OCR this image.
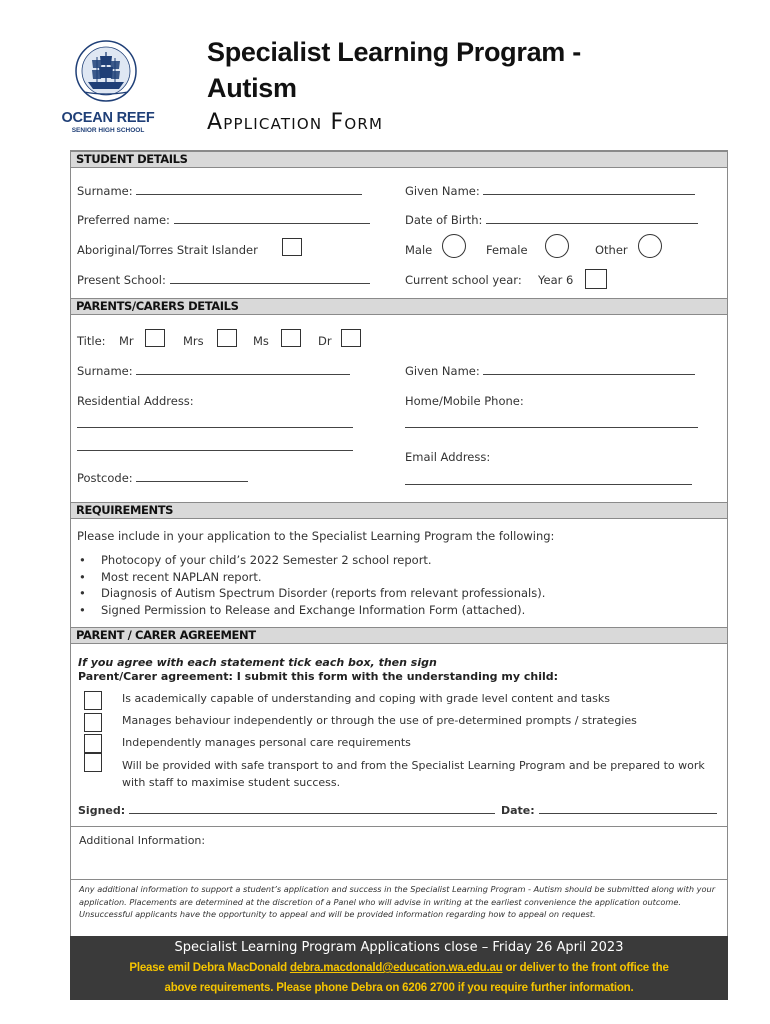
OCEAN REEF
SENIOR HIGH SCHOOL
Specialist Learning Program -
Autism
Application Form
STUDENT DETAILS
Surname:	Given Name:
Preferred name:	Date of Birth:
Aboriginal/Torres Strait Islander	Male	Female	Other
Present School:	Current school year: Year 6
PARENTS/CARERS DETAILS
Title: Mr	Mrs	Ms	Dr
Surname:	Given Name:
Residential Address:	Home/Mobile Phone:
Email Address:
Postcode:
REQUIREMENTS
Please include in your application to the Specialist Learning Program the following:
• Photocopy of your child’s 2022 Semester 2 school report.
• Most recent NAPLAN report.
• Diagnosis of Autism Spectrum Disorder (reports from relevant professionals).
• Signed Permission to Release and Exchange Information Form (attached).
PARENT / CARER AGREEMENT
If you agree with each statement tick each box, then sign
Parent/Carer agreement: I submit this form with the understanding my child:
Is academically capable of understanding and coping with grade level content and tasks
Manages behaviour independently or through the use of pre-determined prompts / strategies
Independently manages personal care requirements
Will be provided with safe transport to and from the Specialist Learning Program and be prepared to work with staff to maximise student success.
Signed:	Date:
Additional Information:
Any additional information to support a student’s application and success in the Specialist Learning Program - Autism should be submitted along with your application. Placements are determined at the discretion of a Panel who will advise in writing at the earliest convenience the application outcome. Unsuccessful applicants have the opportunity to appeal and will be provided information regarding how to appeal on request.
Specialist Learning Program Applications close – Friday 26 April 2023
Please emil Debra MacDonald debra.macdonald@education.wa.edu.au or deliver to the front office the
above requirements. Please phone Debra on 6206 2700 if you require further information.
